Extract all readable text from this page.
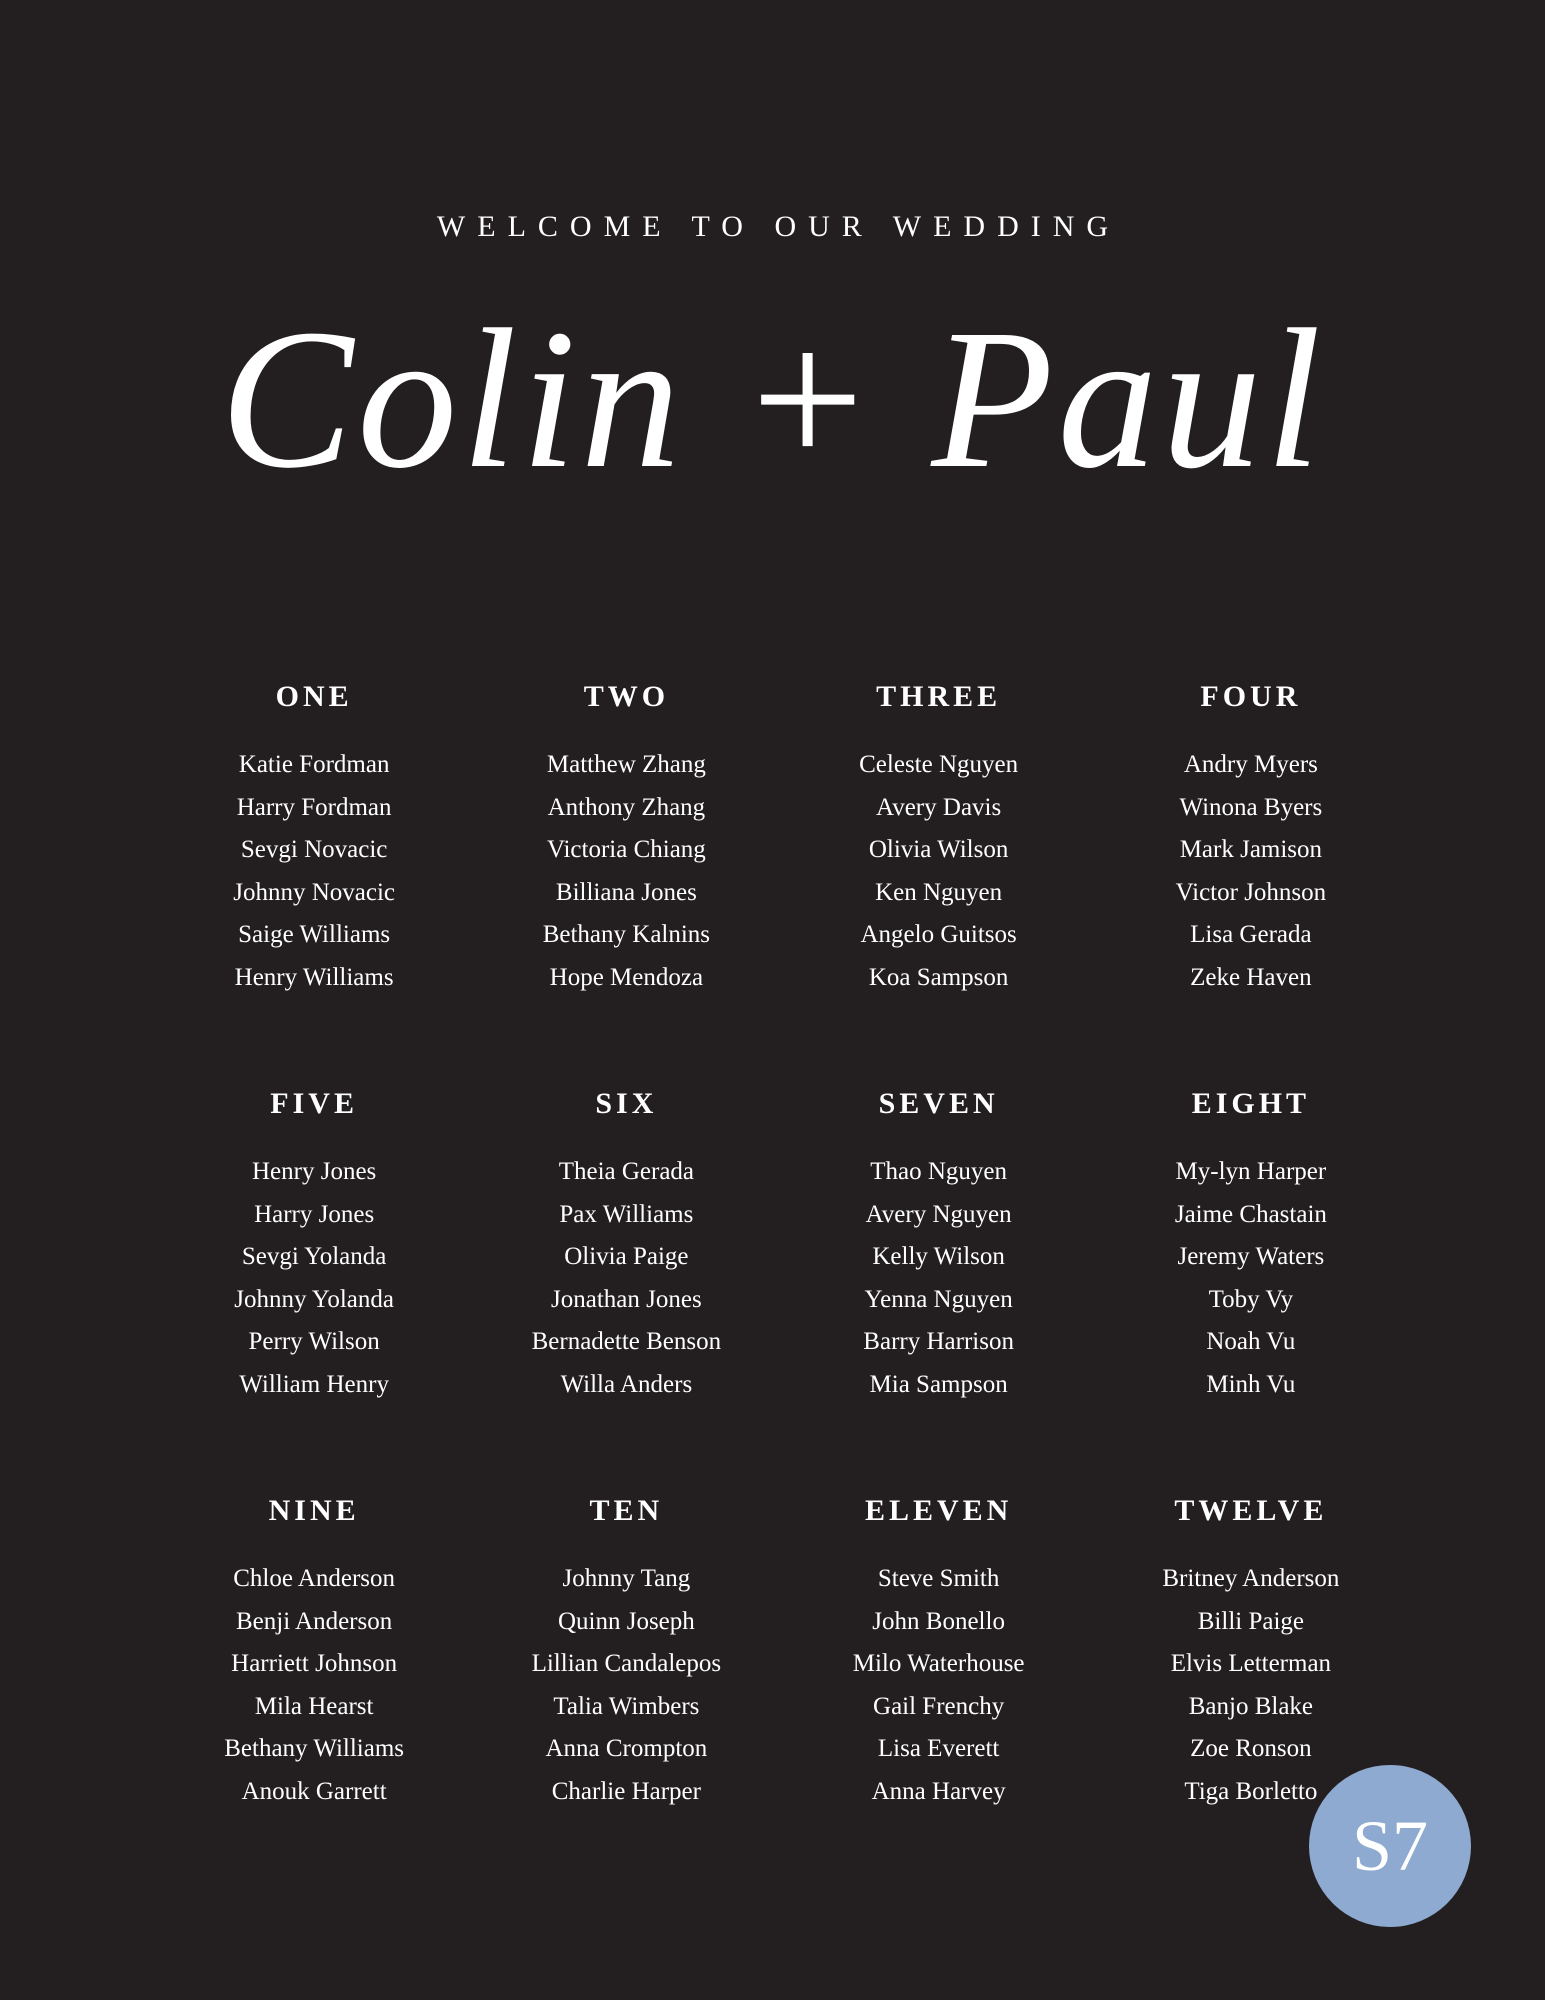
WELCOME TO OUR WEDDING
Colin + Paul
ONE
Katie Fordman
Harry Fordman
Sevgi Novacic
Johnny Novacic
Saige Williams
Henry Williams
TWO
Matthew Zhang
Anthony Zhang
Victoria Chiang
Billiana Jones
Bethany Kalnins
Hope Mendoza
THREE
Celeste Nguyen
Avery Davis
Olivia Wilson
Ken Nguyen
Angelo Guitsos
Koa Sampson
FOUR
Andry Myers
Winona Byers
Mark Jamison
Victor Johnson
Lisa Gerada
Zeke Haven
FIVE
Henry Jones
Harry Jones
Sevgi Yolanda
Johnny Yolanda
Perry Wilson
William Henry
SIX
Theia Gerada
Pax Williams
Olivia Paige
Jonathan Jones
Bernadette Benson
Willa Anders
SEVEN
Thao Nguyen
Avery Nguyen
Kelly Wilson
Yenna Nguyen
Barry Harrison
Mia Sampson
EIGHT
My-lyn Harper
Jaime Chastain
Jeremy Waters
Toby Vy
Noah Vu
Minh Vu
NINE
Chloe Anderson
Benji Anderson
Harriett Johnson
Mila Hearst
Bethany Williams
Anouk Garrett
TEN
Johnny Tang
Quinn Joseph
Lillian Candalepos
Talia Wimbers
Anna Crompton
Charlie Harper
ELEVEN
Steve Smith
John Bonello
Milo Waterhouse
Gail Frenchy
Lisa Everett
Anna Harvey
TWELVE
Britney Anderson
Billi Paige
Elvis Letterman
Banjo Blake
Zoe Ronson
Tiga Borletto
S7
